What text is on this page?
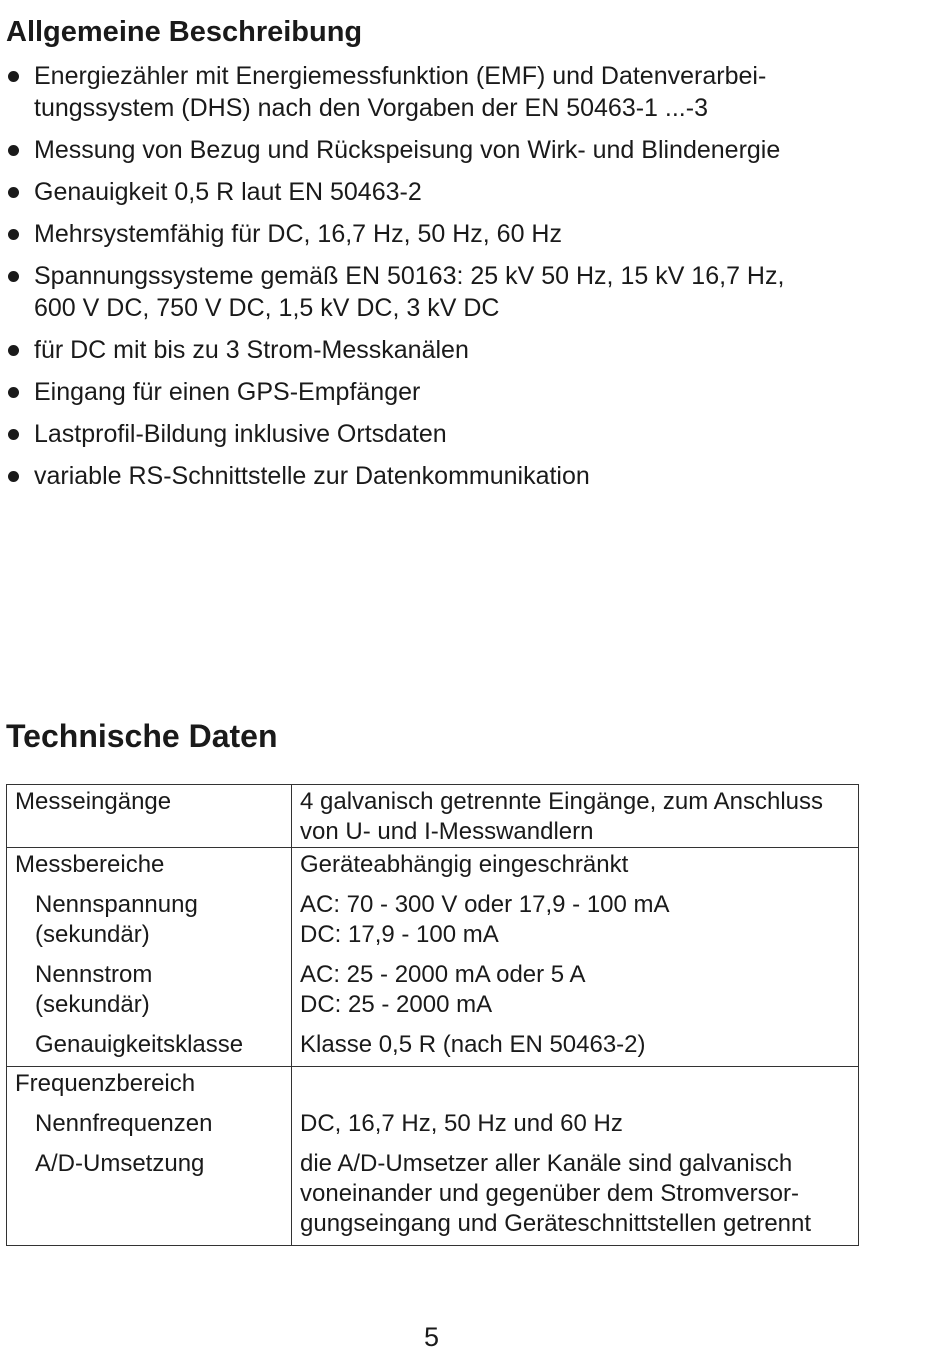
Allgemeine Beschreibung
Energiezähler mit Energiemessfunktion (EMF) und Datenverarbei-
tungssystem (DHS) nach den Vorgaben der EN 50463-1 ...-3
Messung von Bezug und Rückspeisung von Wirk- und Blindenergie
Genauigkeit 0,5 R laut EN 50463-2
Mehrsystemfähig für DC, 16,7 Hz, 50 Hz, 60 Hz
Spannungssysteme gemäß EN 50163: 25 kV 50 Hz, 15 kV 16,7 Hz,
600 V DC, 750 V DC, 1,5 kV DC, 3 kV DC
für DC mit bis zu 3 Strom-Messkanälen
Eingang für einen GPS-Empfänger
Lastprofil-Bildung inklusive Ortsdaten
variable RS-Schnittstelle zur Datenkommunikation
Technische Daten
Messeingänge	4 galvanisch getrennte Eingänge, zum Anschluss
von U- und I-Messwandlern

Messbereiche	Geräteabhängig eingeschränkt

Nennspannung
(sekundär)	AC: 70 - 300 V oder 17,9 - 100 mA
DC: 17,9 - 100 mA

Nennstrom
(sekundär)	AC: 25 - 2000 mA oder 5 A
DC: 25 - 2000 mA

Genauigkeitsklasse	Klasse 0,5 R (nach EN 50463-2)
Frequenzbereich	

Nennfrequenzen	DC, 16,7 Hz, 50 Hz und 60 Hz

A/D-Umsetzung	die A/D-Umsetzer aller Kanäle sind galvanisch
voneinander und gegenüber dem Stromversor-
gungseingang und Geräteschnittstellen getrennt
5
